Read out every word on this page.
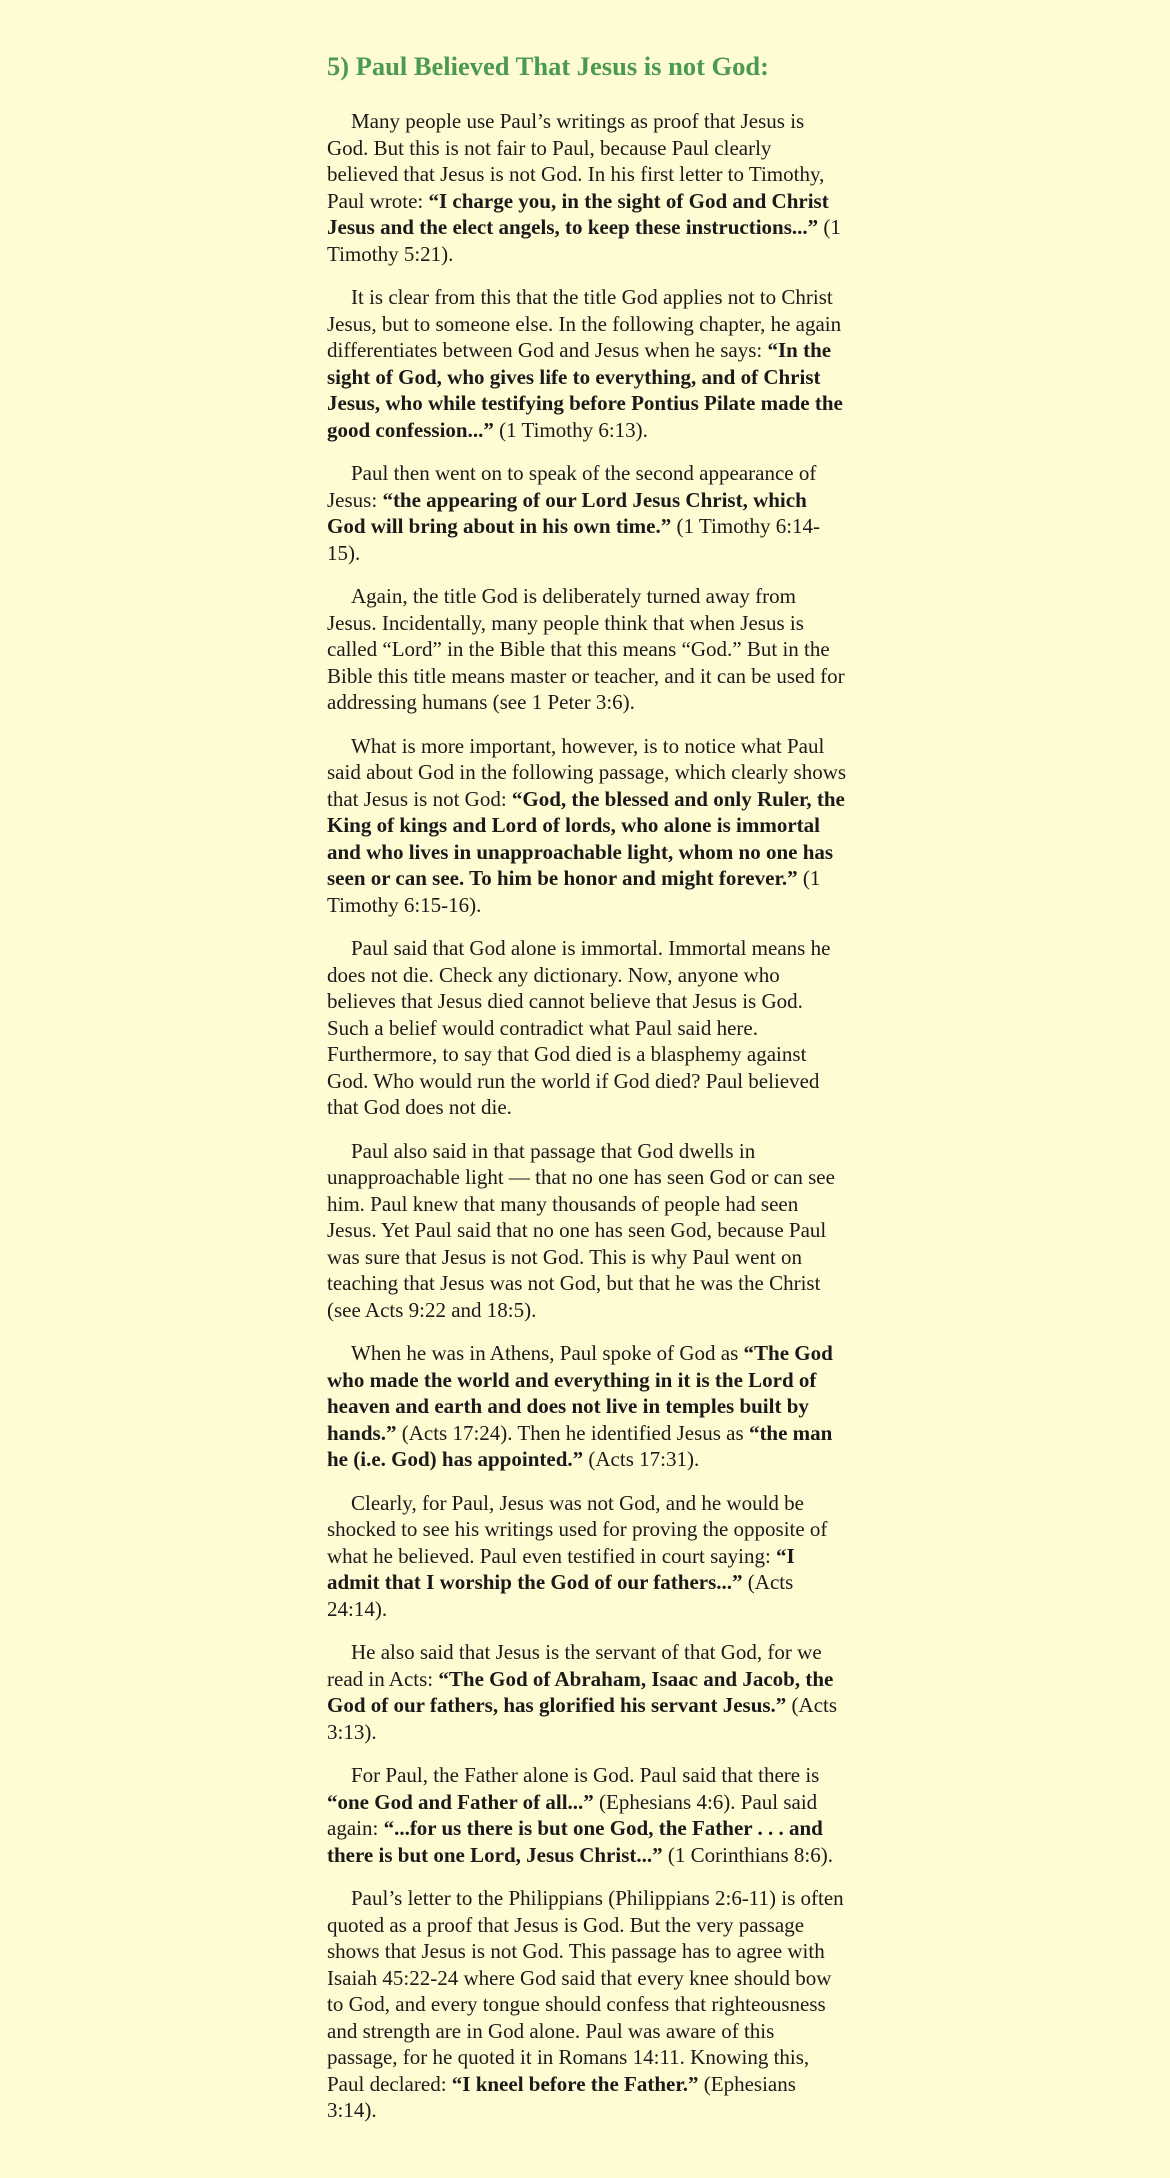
5) Paul Believed That Jesus is not God:

Many people use Paul’s writings as proof that Jesus is God. But this is not fair to Paul, because Paul clearly believed that Jesus is not God. In his first letter to Timothy, Paul wrote: “I charge you, in the sight of God and Christ Jesus and the elect angels, to keep these instructions...” (1 Timothy 5:21).

It is clear from this that the title God applies not to Christ Jesus, but to someone else. In the following chapter, he again differentiates between God and Jesus when he says: “In the sight of God, who gives life to everything, and of Christ Jesus, who while testifying before Pontius Pilate made the good confession...” (1 Timothy 6:13).

Paul then went on to speak of the second appearance of Jesus: “the appearing of our Lord Jesus Christ, which God will bring about in his own time.” (1 Timothy 6:14-15).

Again, the title God is deliberately turned away from Jesus. Incidentally, many people think that when Jesus is called “Lord” in the Bible that this means “God.” But in the Bible this title means master or teacher, and it can be used for addressing humans (see 1 Peter 3:6).

What is more important, however, is to notice what Paul said about God in the following passage, which clearly shows that Jesus is not God: “God, the blessed and only Ruler, the King of kings and Lord of lords, who alone is immortal and who lives in unapproachable light, whom no one has seen or can see. To him be honor and might forever.” (1 Timothy 6:15-16).

Paul said that God alone is immortal. Immortal means he does not die. Check any dictionary. Now, anyone who believes that Jesus died cannot believe that Jesus is God. Such a belief would contradict what Paul said here. Furthermore, to say that God died is a blasphemy against God. Who would run the world if God died? Paul believed that God does not die.

Paul also said in that passage that God dwells in unapproachable light — that no one has seen God or can see him. Paul knew that many thousands of people had seen Jesus. Yet Paul said that no one has seen God, because Paul was sure that Jesus is not God. This is why Paul went on teaching that Jesus was not God, but that he was the Christ (see Acts 9:22 and 18:5).

When he was in Athens, Paul spoke of God as “The God who made the world and everything in it is the Lord of heaven and earth and does not live in temples built by hands.” (Acts 17:24). Then he identified Jesus as “the man he (i.e. God) has appointed.” (Acts 17:31).

Clearly, for Paul, Jesus was not God, and he would be shocked to see his writings used for proving the opposite of what he believed. Paul even testified in court saying: “I admit that I worship the God of our fathers...” (Acts 24:14).

He also said that Jesus is the servant of that God, for we read in Acts: “The God of Abraham, Isaac and Jacob, the God of our fathers, has glorified his servant Jesus.” (Acts 3:13).

For Paul, the Father alone is God. Paul said that there is “one God and Father of all...” (Ephesians 4:6). Paul said again: “...for us there is but one God, the Father . . . and there is but one Lord, Jesus Christ...” (1 Corinthians 8:6).

Paul’s letter to the Philippians (Philippians 2:6-11) is often quoted as a proof that Jesus is God. But the very passage shows that Jesus is not God. This passage has to agree with Isaiah 45:22-24 where God said that every knee should bow to God, and every tongue should confess that righteousness and strength are in God alone. Paul was aware of this passage, for he quoted it in Romans 14:11. Knowing this, Paul declared: “I kneel before the Father.” (Ephesians 3:14).
